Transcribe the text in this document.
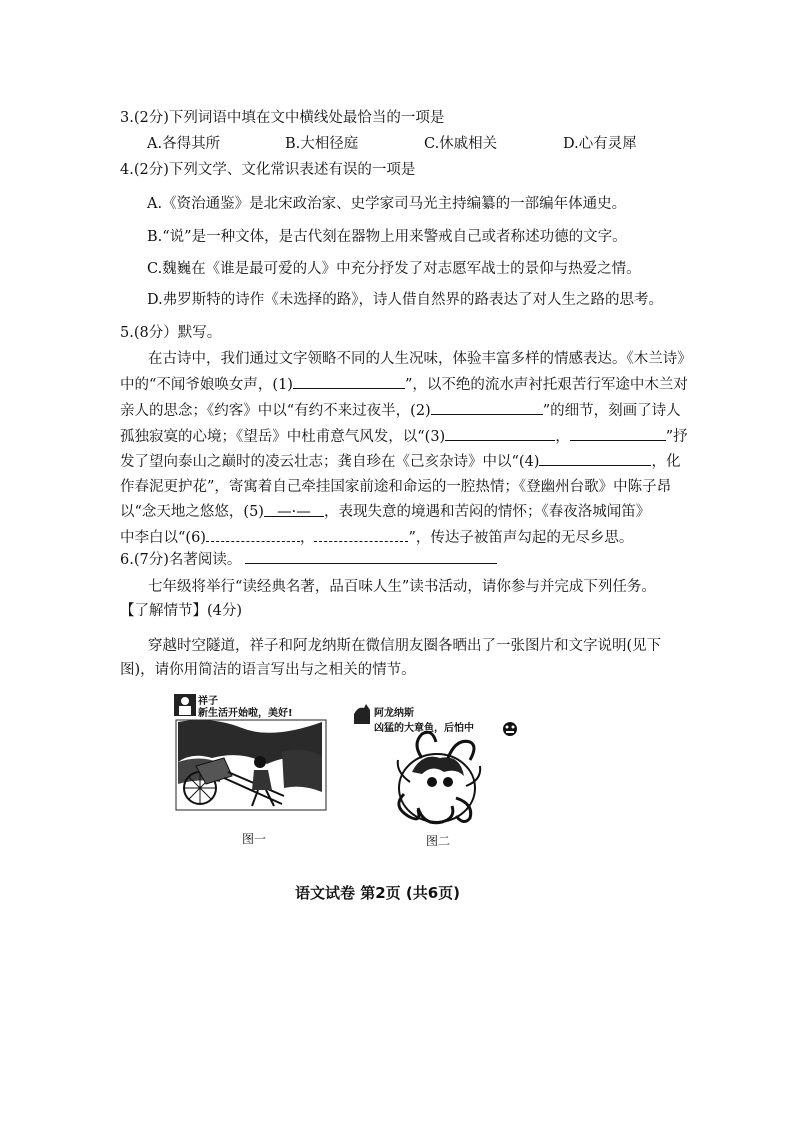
3.(2分)下列词语中填在文中横线处最恰当的一项是
A.各得其所	B.大相径庭	C.休戚相关	D.心有灵犀
4.(2分)下列文学、文化常识表述有误的一项是
A.《资治通鉴》是北宋政治家、史学家司马光主持编纂的一部编年体通史。
B.“说”是一种文体，是古代刻在器物上用来警戒自己或者称述功德的文字。
C.魏巍在《谁是最可爱的人》中充分抒发了对志愿军战士的景仰与热爱之情。
D.弗罗斯特的诗作《未选择的路》，诗人借自然界的路表达了对人生之路的思考。
5.(8分）默写。
在古诗中，我们通过文字领略不同的人生况味，体验丰富多样的情感表达。《木兰诗》
中的“不闻爷娘唤女声，(1)	”，以不绝的流水声衬托艰苦行军途中木兰对
亲人的思念；《约客》中以“有约不来过夜半，(2)	”的细节，刻画了诗人
孤独寂寞的心境；《望岳》中杜甫意气风发，以“(3)	，	”抒
发了望向泰山之巅时的凌云壮志；龚自珍在《己亥杂诗》中以“(4)	，化
作春泥更护花”，寄寓着自己牵挂国家前途和命运的一腔热情；《登幽州台歌》中陈子昂
以“念天地之悠悠，(5) —·— ，表现失意的境遇和苦闷的情怀；《春夜洛城闻笛》
中李白以“(6)	，	”，传达子被笛声勾起的无尽乡思。
6.(7分)名著阅读。
七年级将举行“读经典名著，品百味人生”读书活动，请你参与并完成下列任务。
【了解情节】(4分)
穿越时空隧道，祥子和阿龙纳斯在微信朋友圈各晒出了一张图片和文字说明(见下
图)，请你用简洁的语言写出与之相关的情节。
祥子
新生活开始啦，美好!
图一
阿龙纳斯
凶猛的大章鱼，后怕中
图二
语文试卷 第2页 (共6页)
